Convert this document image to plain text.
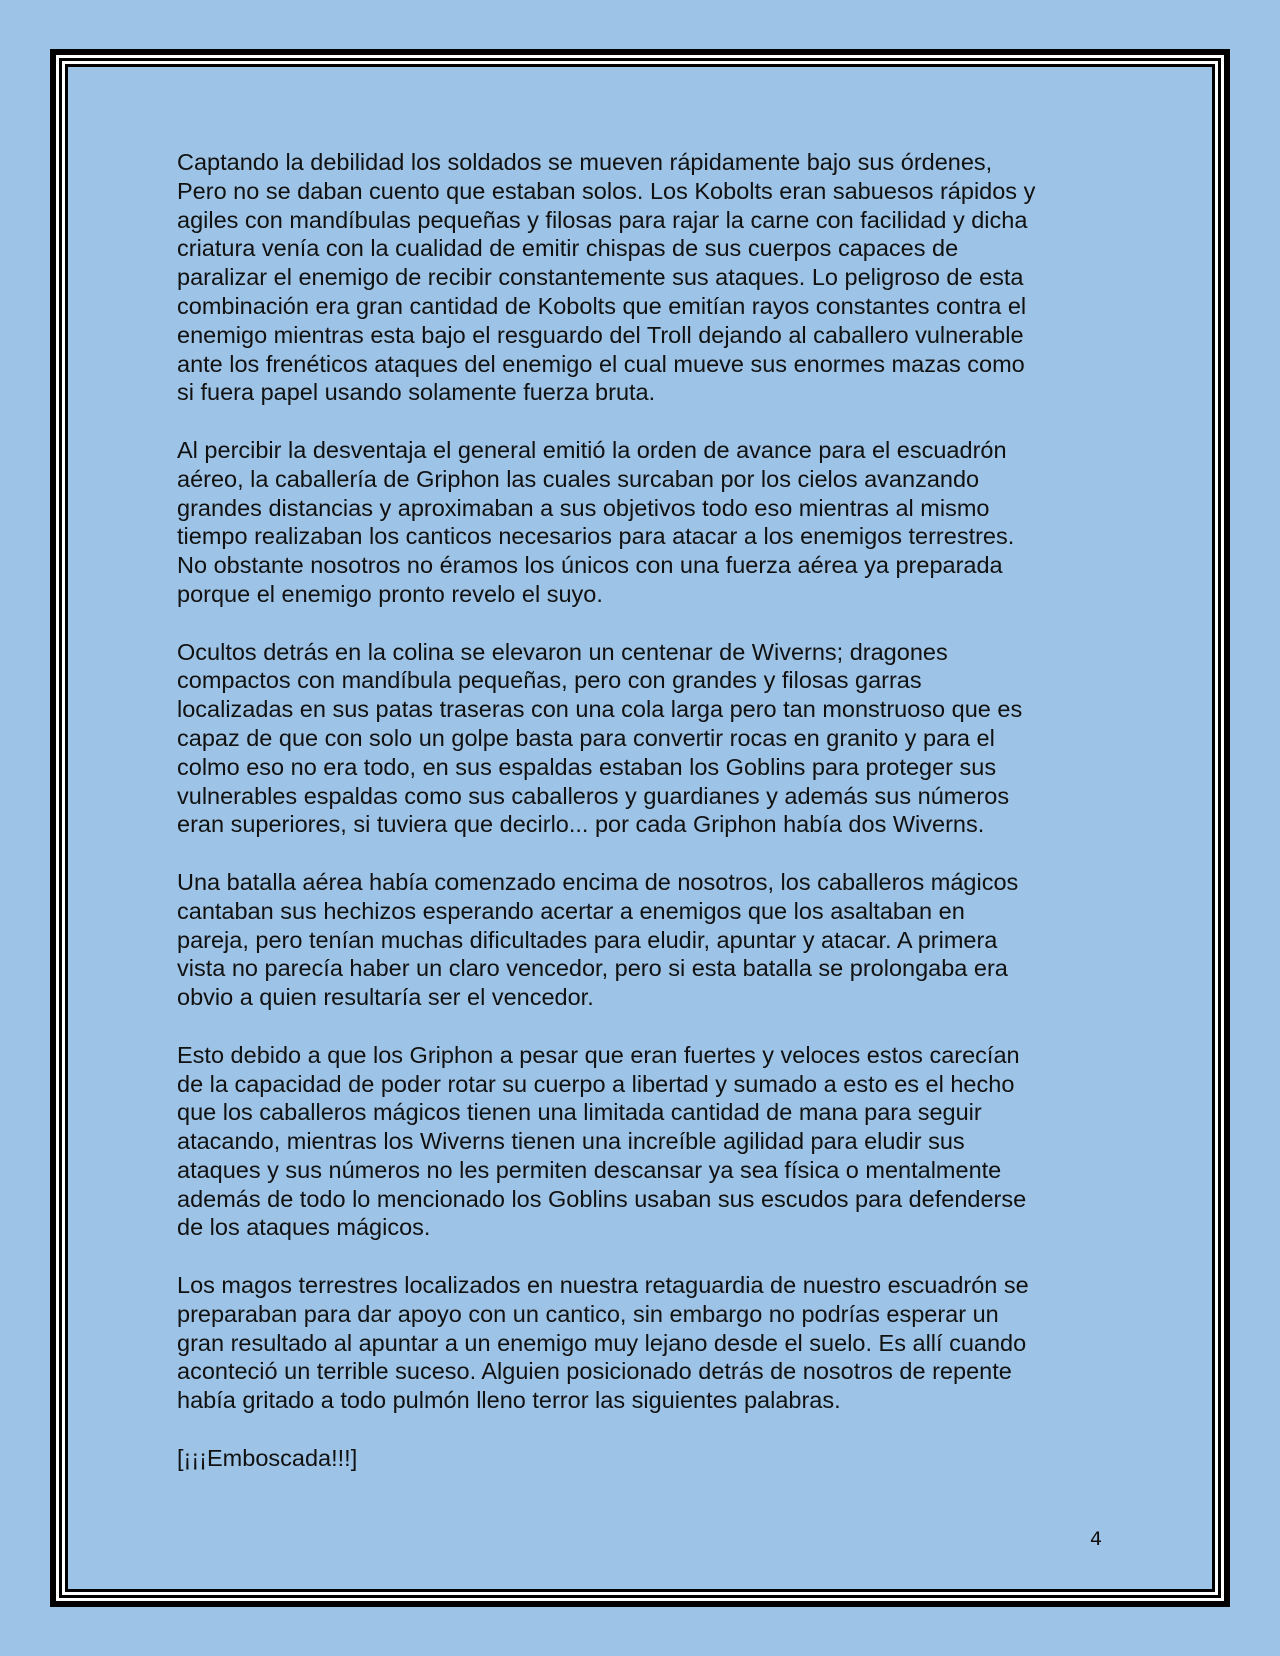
Captando la debilidad los soldados se mueven rápidamente bajo sus órdenes,
Pero no se daban cuento que estaban solos. Los Kobolts eran sabuesos rápidos y
agiles con mandíbulas pequeñas y filosas para rajar la carne con facilidad y dicha
criatura venía con la cualidad de emitir chispas de sus cuerpos capaces de
paralizar el enemigo de recibir constantemente sus ataques. Lo peligroso de esta
combinación era gran cantidad de Kobolts que emitían rayos constantes contra el
enemigo mientras esta bajo el resguardo del Troll dejando al caballero vulnerable
ante los frenéticos ataques del enemigo el cual mueve sus enormes mazas como
si fuera papel usando solamente fuerza bruta.

Al percibir la desventaja el general emitió la orden de avance para el escuadrón
aéreo, la caballería de Griphon las cuales surcaban por los cielos avanzando
grandes distancias y aproximaban a sus objetivos todo eso mientras al mismo
tiempo realizaban los canticos necesarios para atacar a los enemigos terrestres.
No obstante nosotros no éramos los únicos con una fuerza aérea ya preparada
porque el enemigo pronto revelo el suyo.

Ocultos detrás en la colina se elevaron un centenar de Wiverns; dragones
compactos con mandíbula pequeñas, pero con grandes y filosas garras
localizadas en sus patas traseras con una cola larga pero tan monstruoso que es
capaz de que con solo un golpe basta para convertir rocas en granito y para el
colmo eso no era todo, en sus espaldas estaban los Goblins para proteger sus
vulnerables espaldas como sus caballeros y guardianes y además sus números
eran superiores, si tuviera que decirlo... por cada Griphon había dos Wiverns.

Una batalla aérea había comenzado encima de nosotros, los caballeros mágicos
cantaban sus hechizos esperando acertar a enemigos que los asaltaban en
pareja, pero tenían muchas dificultades para eludir, apuntar y atacar. A primera
vista no parecía haber un claro vencedor, pero si esta batalla se prolongaba era
obvio a quien resultaría ser el vencedor.

Esto debido a que los Griphon a pesar que eran fuertes y veloces estos carecían
de la capacidad de poder rotar su cuerpo a libertad y sumado a esto es el hecho
que los caballeros mágicos tienen una limitada cantidad de mana para seguir
atacando, mientras los Wiverns tienen una increíble agilidad para eludir sus
ataques y sus números no les permiten descansar ya sea física o mentalmente
además de todo lo mencionado los Goblins usaban sus escudos para defenderse
de los ataques mágicos.

Los magos terrestres localizados en nuestra retaguardia de nuestro escuadrón se
preparaban para dar apoyo con un cantico, sin embargo no podrías esperar un
gran resultado al apuntar a un enemigo muy lejano desde el suelo. Es allí cuando
aconteció un terrible suceso. Alguien posicionado detrás de nosotros de repente
había gritado a todo pulmón lleno terror las siguientes palabras.

[¡¡¡Emboscada!!!]

4
